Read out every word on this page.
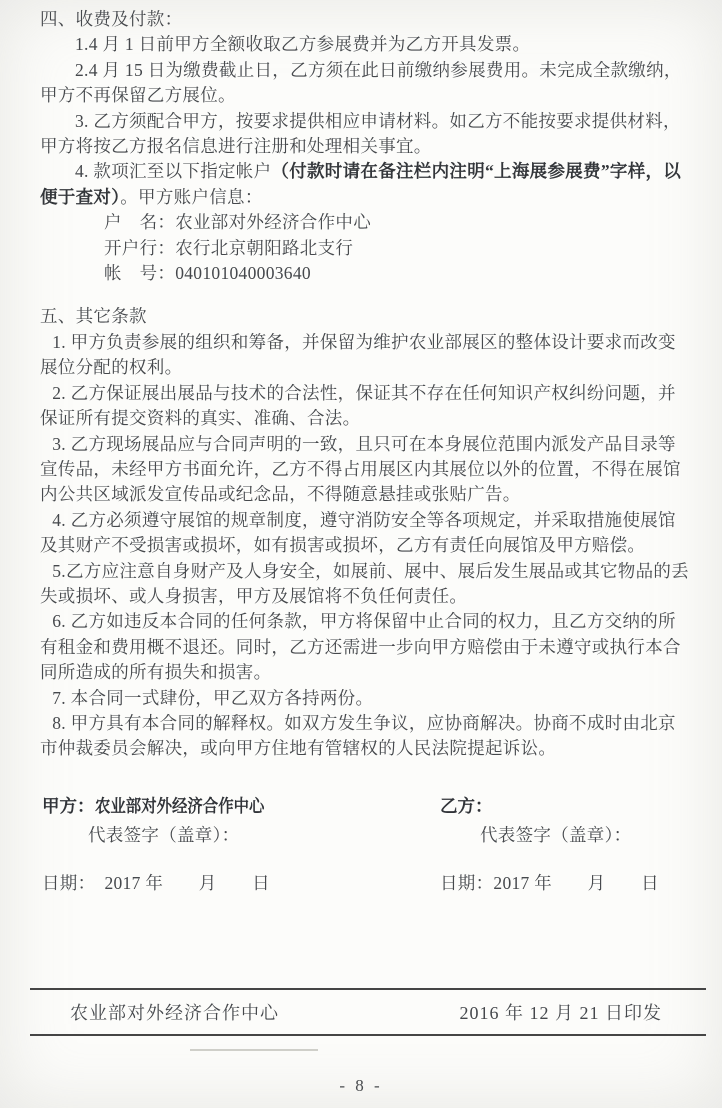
四、收费及付款：

1.4 月 1 日前甲方全额收取乙方参展费并为乙方开具发票。

2.4 月 15 日为缴费截止日，乙方须在此日前缴纳参展费用。未完成全款缴纳，甲方不再保留乙方展位。

3. 乙方须配合甲方，按要求提供相应申请材料。如乙方不能按要求提供材料，甲方将按乙方报名信息进行注册和处理相关事宜。

4. 款项汇至以下指定帐户（付款时请在备注栏内注明“上海展参展费”字样，以便于查对）。甲方账户信息：

户　名：农业部对外经济合作中心

开户行：农行北京朝阳路北支行

帐　号：040101040003640

五、其它条款

1. 甲方负责参展的组织和筹备，并保留为维护农业部展区的整体设计要求而改变展位分配的权利。

2. 乙方保证展出展品与技术的合法性，保证其不存在任何知识产权纠纷问题，并保证所有提交资料的真实、准确、合法。

3. 乙方现场展品应与合同声明的一致，且只可在本身展位范围内派发产品目录等宣传品，未经甲方书面允许，乙方不得占用展区内其展位以外的位置，不得在展馆内公共区域派发宣传品或纪念品，不得随意悬挂或张贴广告。

4. 乙方必须遵守展馆的规章制度，遵守消防安全等各项规定，并采取措施使展馆及其财产不受损害或损坏，如有损害或损坏，乙方有责任向展馆及甲方赔偿。

5.乙方应注意自身财产及人身安全，如展前、展中、展后发生展品或其它物品的丢失或损坏、或人身损害，甲方及展馆将不负任何责任。

6. 乙方如违反本合同的任何条款，甲方将保留中止合同的权力，且乙方交纳的所有租金和费用概不退还。同时，乙方还需进一步向甲方赔偿由于未遵守或执行本合同所造成的所有损失和损害。

7. 本合同一式肆份，甲乙双方各持两份。

8. 甲方具有本合同的解释权。如双方发生争议，应协商解决。协商不成时由北京市仲裁委员会解决，或向甲方住地有管辖权的人民法院提起诉讼。

甲方：农业部对外经济合作中心

代表签字（盖章）：

日期：　2017 年　　月　　日

乙方：

代表签字（盖章）：

日期：2017 年　　月　　日

农业部对外经济合作中心	2016 年 12 月 21 日印发
- 8 -
